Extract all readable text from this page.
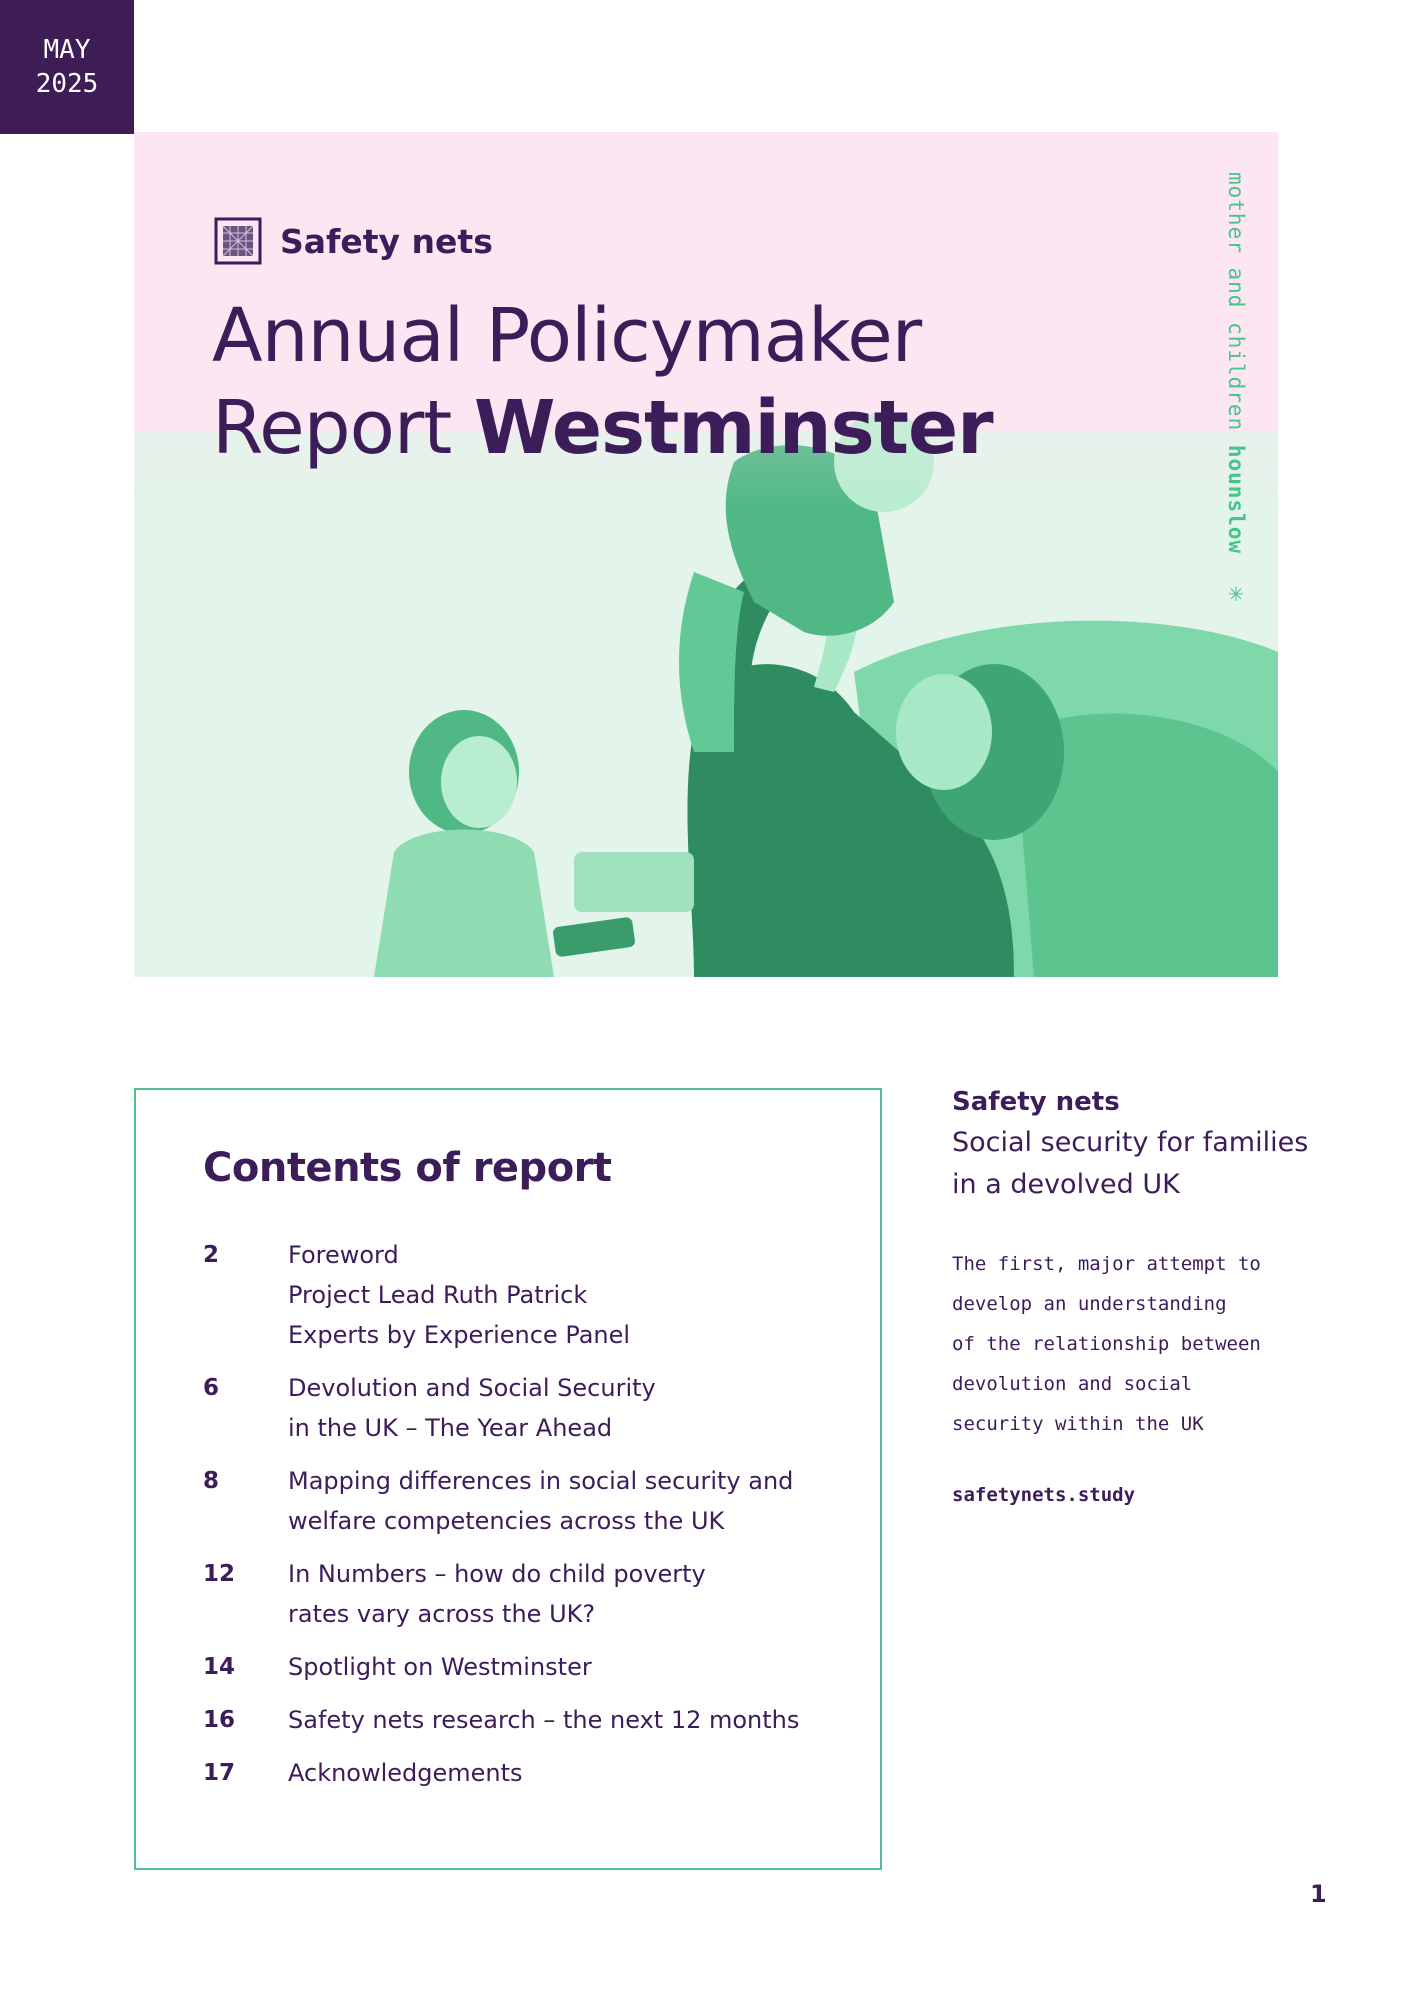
MAY
2025
Safety nets
Annual Policymaker
Report Westminster	mother and children hounslow ✳
Contents of report
2	Foreword
Project Lead Ruth Patrick
Experts by Experience Panel
6	Devolution and Social Security
in the UK – The Year Ahead
8	Mapping differences in social security and
welfare competencies across the UK
12	In Numbers – how do child poverty
rates vary across the UK?
14	Spotlight on Westminster
16	Safety nets research – the next 12 months
17	Acknowledgements
Safety nets
Social security for families
in a devolved UK
The first, major attempt to
develop an understanding
of the relationship between
devolution and social
security within the UK
safetynets.study
1
